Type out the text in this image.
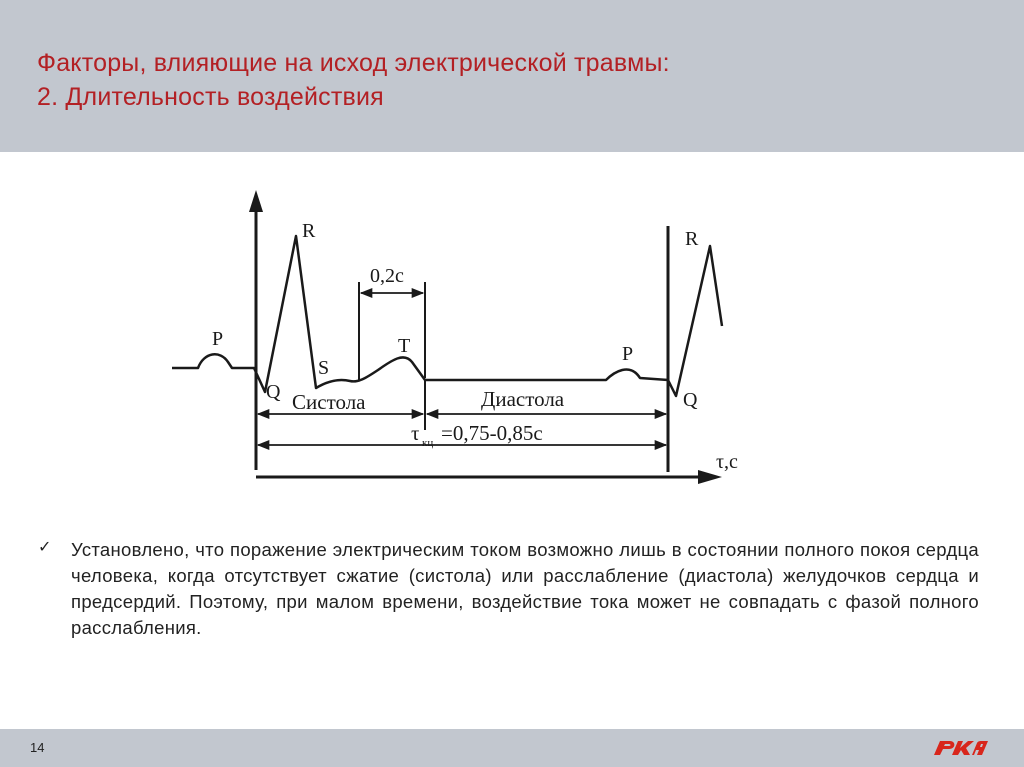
Факторы, влияющие на исход электрической травмы:
2. Длительность воздействия
P
R
Q
S
T	P
R
Q
0,2c
Систола	Диастола
τ кц =0,75-0,85c
τ,c
✓ Установлено, что поражение электрическим током возможно лишь в состоянии полного покоя сердца человека, когда отсутствует сжатие (систола) или расслабление (диастола) желудочков сердца и предсердий. Поэтому, при малом времени, воздействие тока может не совпадать с фазой полного расслабления.
14
